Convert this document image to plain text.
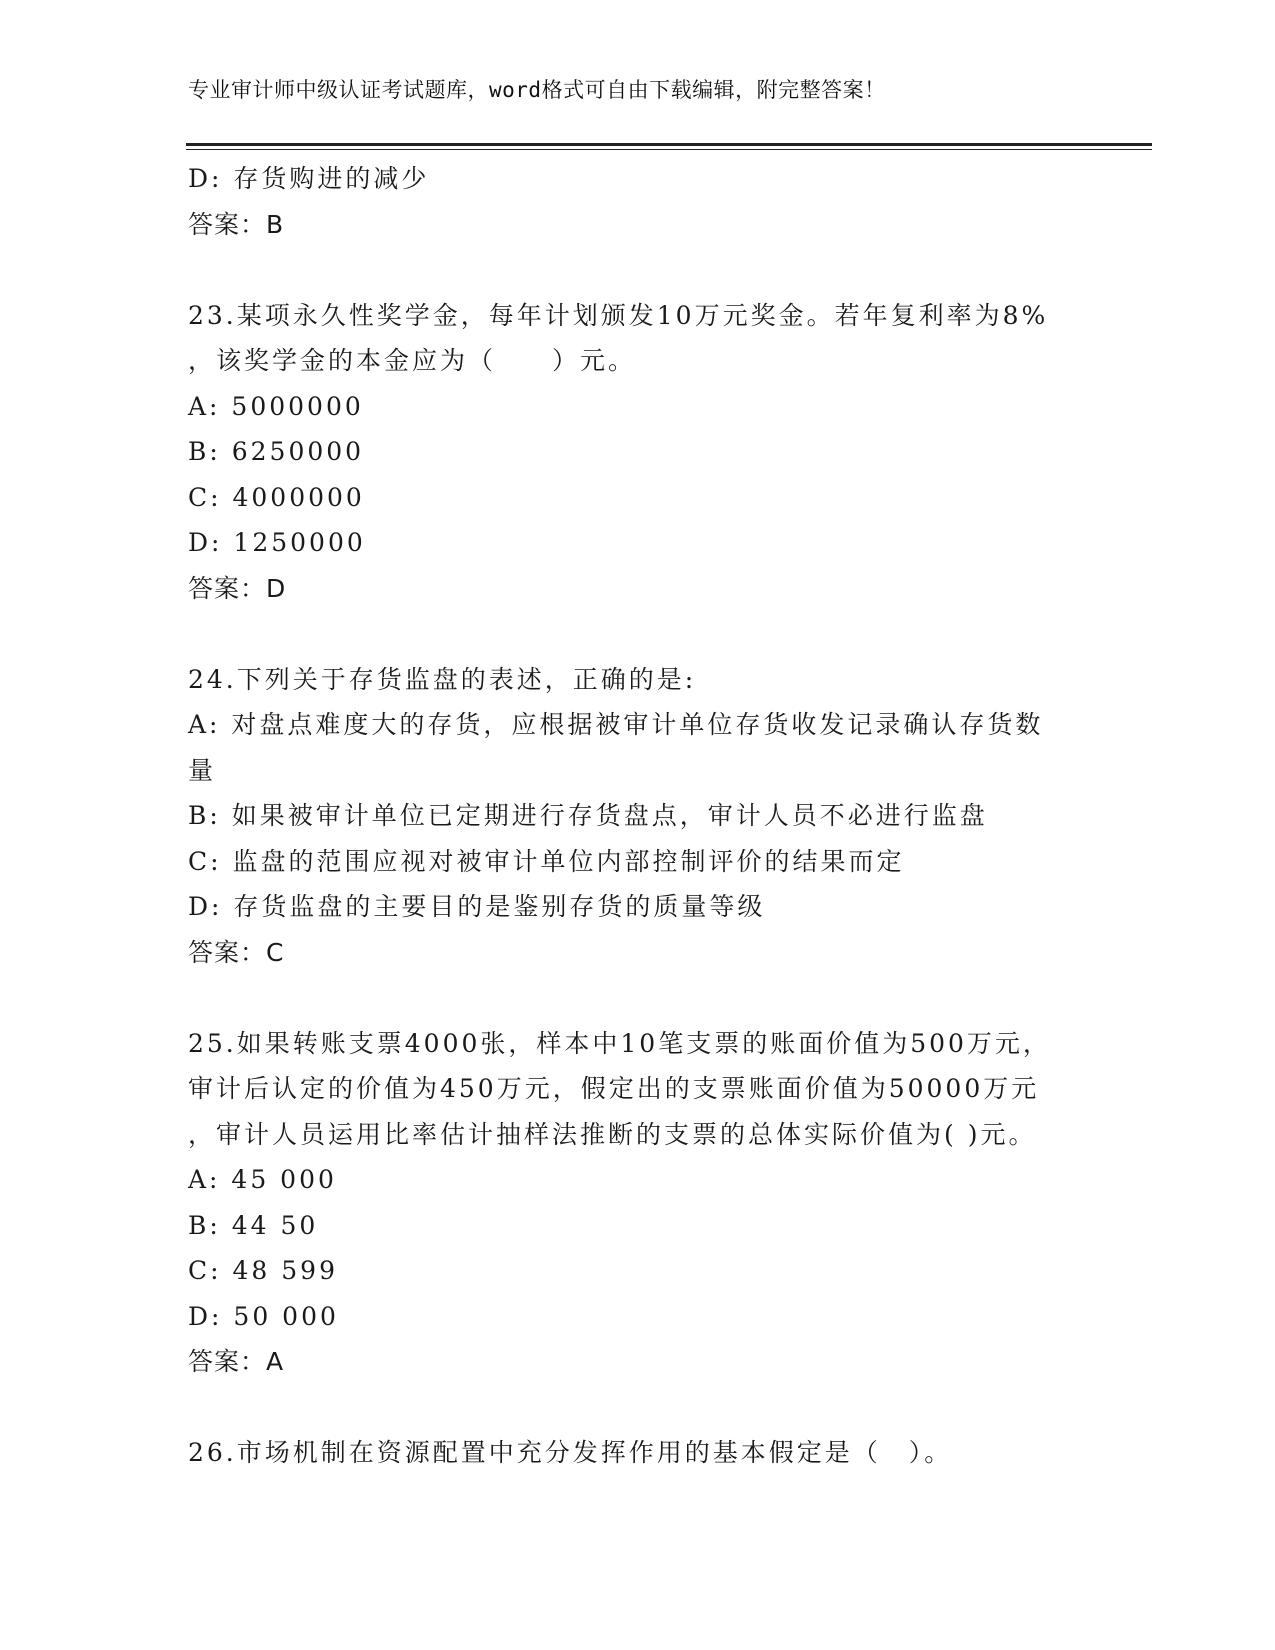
专业审计师中级认证考试题库，word格式可自由下载编辑，附完整答案！
D: 存货购进的减少
答案：B
23.某项永久性奖学金，每年计划颁发10万元奖金。若年复利率为8%
，该奖学金的本金应为（　　）元。
A: 5000000
B: 6250000
C: 4000000
D: 1250000
答案：D
24.下列关于存货监盘的表述，正确的是:
A: 对盘点难度大的存货，应根据被审计单位存货收发记录确认存货数
量
B: 如果被审计单位已定期进行存货盘点，审计人员不必进行监盘
C: 监盘的范围应视对被审计单位内部控制评价的结果而定
D: 存货监盘的主要目的是鉴别存货的质量等级
答案：C
25.如果转账支票4000张，样本中10笔支票的账面价值为500万元，
审计后认定的价值为450万元，假定出的支票账面价值为50000万元
，审计人员运用比率估计抽样法推断的支票的总体实际价值为( )元。
A: 45 000
B: 44 50
C: 48 599
D: 50 000
答案：A
26.市场机制在资源配置中充分发挥作用的基本假定是（　）。
